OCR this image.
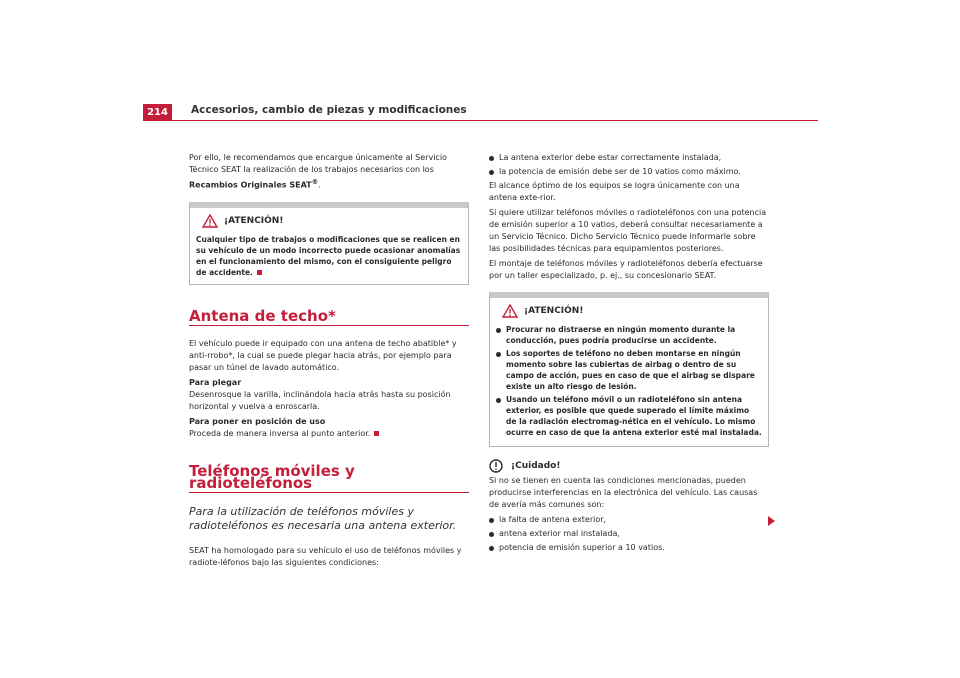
214	Accesorios, cambio de piezas y modificaciones

Por ello, le recomendamos que encargue únicamente al Servicio Técnico SEAT la realización de los trabajos necesarios con los Recambios Originales SEAT®.

¡ATENCIÓN!
Cualquier tipo de trabajos o modificaciones que se realicen en su vehículo de un modo incorrecto puede ocasionar anomalías en el funcionamiento del mismo, con el consiguiente peligro de accidente.
Antena de techo*

El vehículo puede ir equipado con una antena de techo abatible* y anti-rrobo*, la cual se puede plegar hacia atrás, por ejemplo para pasar un túnel de lavado automático.

Para plegar

Desenrosque la varilla, inclinándola hacia atrás hasta su posición horizontal y vuelva a enroscarla.

Para poner en posición de uso

Proceda de manera inversa al punto anterior.

Teléfonos móviles y radioteléfonos

Para la utilización de teléfonos móviles y radioteléfonos es necesaria una antena exterior.

SEAT ha homologado para su vehículo el uso de teléfonos móviles y radiote-léfonos bajo las siguientes condiciones:

La antena exterior debe estar correctamente instalada,

la potencia de emisión debe ser de 10 vatios como máximo.

El alcance óptimo de los equipos se logra únicamente con una antena exte-rior.

Si quiere utilizar teléfonos móviles o radioteléfonos con una potencia de emisión superior a 10 vatios, deberá consultar necesariamente a un Servicio Técnico. Dicho Servicio Técnico puede informarle sobre las posibilidades técnicas para equipamientos posteriores.

El montaje de teléfonos móviles y radioteléfonos debería efectuarse por un taller especializado, p. ej., su concesionario SEAT.

¡ATENCIÓN!

Procurar no distraerse en ningún momento durante la conducción, pues podría producirse un accidente.

Los soportes de teléfono no deben montarse en ningún momento sobre las cubiertas de airbag o dentro de su campo de acción, pues en caso de que el airbag se dispare existe un alto riesgo de lesión.

Usando un teléfono móvil o un radioteléfono sin antena exterior, es posible que quede superado el límite máximo de la radiación electromag-nética en el vehículo. Lo mismo ocurre en caso de que la antena exterior esté mal instalada.

¡Cuidado!

Si no se tienen en cuenta las condiciones mencionadas, pueden producirse interferencias en la electrónica del vehículo. Las causas de avería más comunes son:

la falta de antena exterior,

antena exterior mal instalada,

potencia de emisión superior a 10 vatios.
